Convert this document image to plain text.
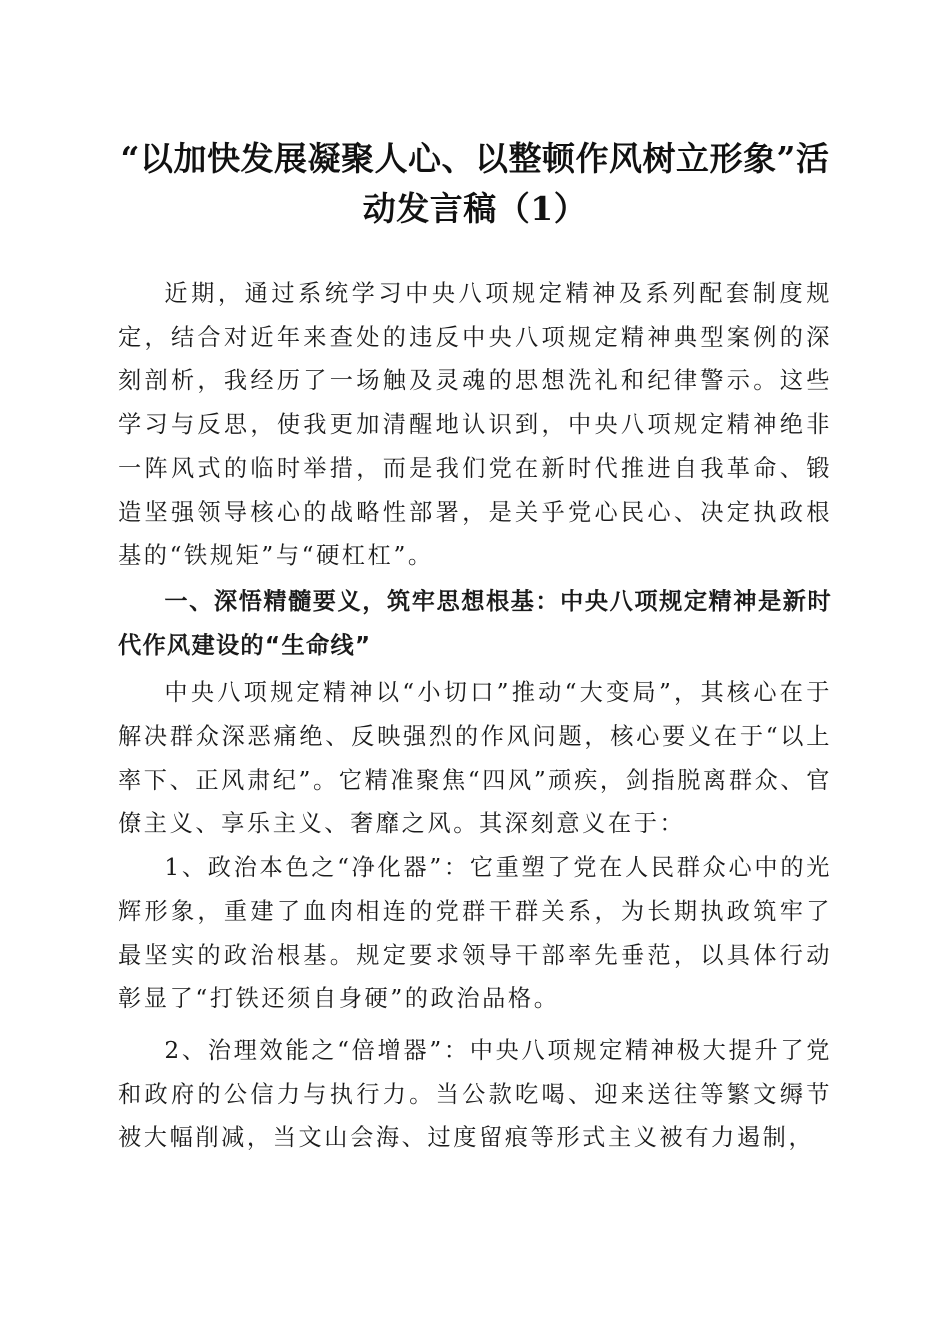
“以加快发展凝聚人心、以整顿作风树立形象”活动发言稿（1）

近期，通过系统学习中央八项规定精神及系列配套制度规定，结合对近年来查处的违反中央八项规定精神典型案例的深刻剖析，我经历了一场触及灵魂的思想洗礼和纪律警示。这些学习与反思，使我更加清醒地认识到，中央八项规定精神绝非一阵风式的临时举措，而是我们党在新时代推进自我革命、锻造坚强领导核心的战略性部署，是关乎党心民心、决定执政根基的“铁规矩”与“硬杠杠”。

一、深悟精髓要义，筑牢思想根基：中央八项规定精神是新时代作风建设的“生命线”

中央八项规定精神以“小切口”推动“大变局”，其核心在于解决群众深恶痛绝、反映强烈的作风问题，核心要义在于“以上率下、正风肃纪”。它精准聚焦“四风”顽疾，剑指脱离群众、官僚主义、享乐主义、奢靡之风。其深刻意义在于：

1、政治本色之“净化器”：它重塑了党在人民群众心中的光辉形象，重建了血肉相连的党群干群关系，为长期执政筑牢了最坚实的政治根基。规定要求领导干部率先垂范，以具体行动彰显了“打铁还须自身硬”的政治品格。

2、治理效能之“倍增器”：中央八项规定精神极大提升了党和政府的公信力与执行力。当公款吃喝、迎来送往等繁文缛节被大幅削减，当文山会海、过度留痕等形式主义被有力遏制，
